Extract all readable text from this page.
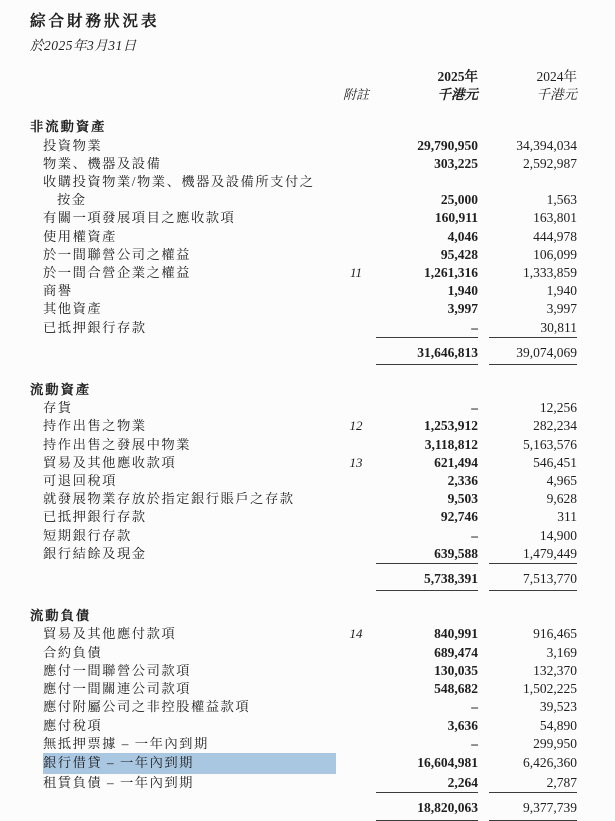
綜合財務狀況表
於2025年3月31日
2025年	2024年
附註	千港元	千港元
非流動資產
投資物業	29,790,950	34,394,034
物業、機器及設備	303,225	2,592,987
收購投資物業/物業、機器及設備所支付之
按金	25,000	1,563
有關一項發展項目之應收款項	160,911	163,801
使用權資產	4,046	444,978
於一間聯營公司之權益	95,428	106,099
於一間合營企業之權益	11	1,261,316	1,333,859
商譽	1,940	1,940
其他資產	3,997	3,997
已抵押銀行存款	–	30,811
31,646,813	39,074,069
流動資產
存貨	–	12,256
持作出售之物業	12	1,253,912	282,234
持作出售之發展中物業	3,118,812	5,163,576
貿易及其他應收款項	13	621,494	546,451
可退回稅項	2,336	4,965
就發展物業存放於指定銀行賬戶之存款	9,503	9,628
已抵押銀行存款	92,746	311
短期銀行存款	–	14,900
銀行結餘及現金	639,588	1,479,449
5,738,391	7,513,770
流動負債
貿易及其他應付款項	14	840,991	916,465
合約負債	689,474	3,169
應付一間聯營公司款項	130,035	132,370
應付一間關連公司款項	548,682	1,502,225
應付附屬公司之非控股權益款項	–	39,523
應付稅項	3,636	54,890
無抵押票據 – 一年內到期	–	299,950
銀行借貸 – 一年內到期	16,604,981	6,426,360
租賃負債 – 一年內到期	2,264	2,787
18,820,063	9,377,739
